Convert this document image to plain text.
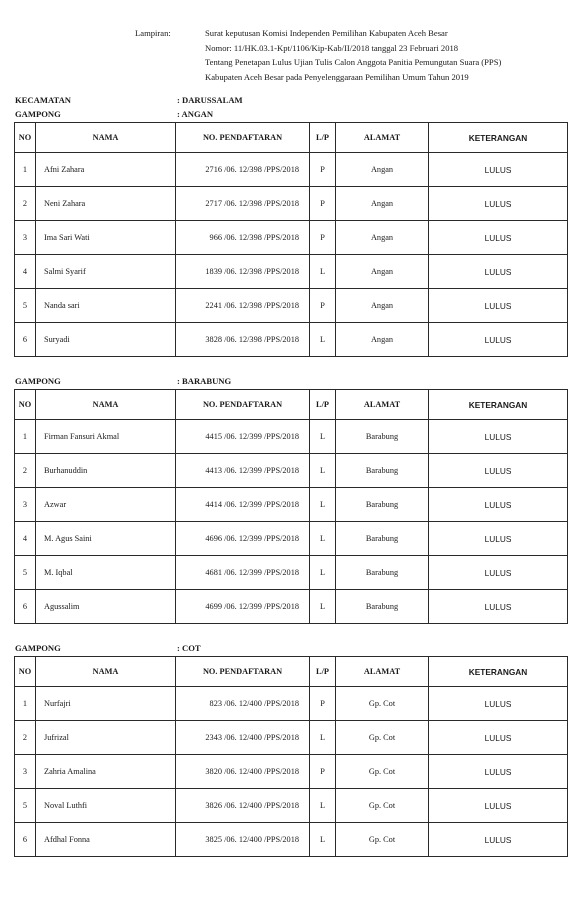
Lampiran:	Surat keputusan Komisi Independen Pemilihan Kabupaten Aceh Besar
Nomor: 11/HK.03.1-Kpt/1106/Kip-Kab/II/2018 tanggal 23 Februari 2018
Tentang Penetapan Lulus Ujian Tulis Calon Anggota Panitia Pemungutan Suara (PPS)
Kabupaten Aceh Besar pada Penyelenggaraan Pemilihan Umum Tahun 2019
KECAMATAN	: DARUSSALAM
GAMPONG	: ANGAN
NO	NAMA	NO. PENDAFTARAN	L/P	ALAMAT	KETERANGAN
1	Afni Zahara	2716 /06. 12/398 /PPS/2018	P	Angan	LULUS
2	Neni Zahara	2717 /06. 12/398 /PPS/2018	P	Angan	LULUS
3	Ima Sari Wati	966 /06. 12/398 /PPS/2018	P	Angan	LULUS
4	Salmi Syarif	1839 /06. 12/398 /PPS/2018	L	Angan	LULUS
5	Nanda sari	2241 /06. 12/398 /PPS/2018	P	Angan	LULUS
6	Suryadi	3828 /06. 12/398 /PPS/2018	L	Angan	LULUS
GAMPONG	: BARABUNG
NO	NAMA	NO. PENDAFTARAN	L/P	ALAMAT	KETERANGAN
1	Firman Fansuri Akmal	4415 /06. 12/399 /PPS/2018	L	Barabung	LULUS
2	Burhanuddin	4413 /06. 12/399 /PPS/2018	L	Barabung	LULUS
3	Azwar	4414 /06. 12/399 /PPS/2018	L	Barabung	LULUS
4	M. Agus Saini	4696 /06. 12/399 /PPS/2018	L	Barabung	LULUS
5	M. Iqbal	4681 /06. 12/399 /PPS/2018	L	Barabung	LULUS
6	Agussalim	4699 /06. 12/399 /PPS/2018	L	Barabung	LULUS
GAMPONG	: COT
NO	NAMA	NO. PENDAFTARAN	L/P	ALAMAT	KETERANGAN
1	Nurfajri	823 /06. 12/400 /PPS/2018	P	Gp. Cot	LULUS
2	Jufrizal	2343 /06. 12/400 /PPS/2018	L	Gp. Cot	LULUS
3	Zahria Amalina	3820 /06. 12/400 /PPS/2018	P	Gp. Cot	LULUS
5	Noval Luthfi	3826 /06. 12/400 /PPS/2018	L	Gp. Cot	LULUS
6	Afdhal Fonna	3825 /06. 12/400 /PPS/2018	L	Gp. Cot	LULUS
